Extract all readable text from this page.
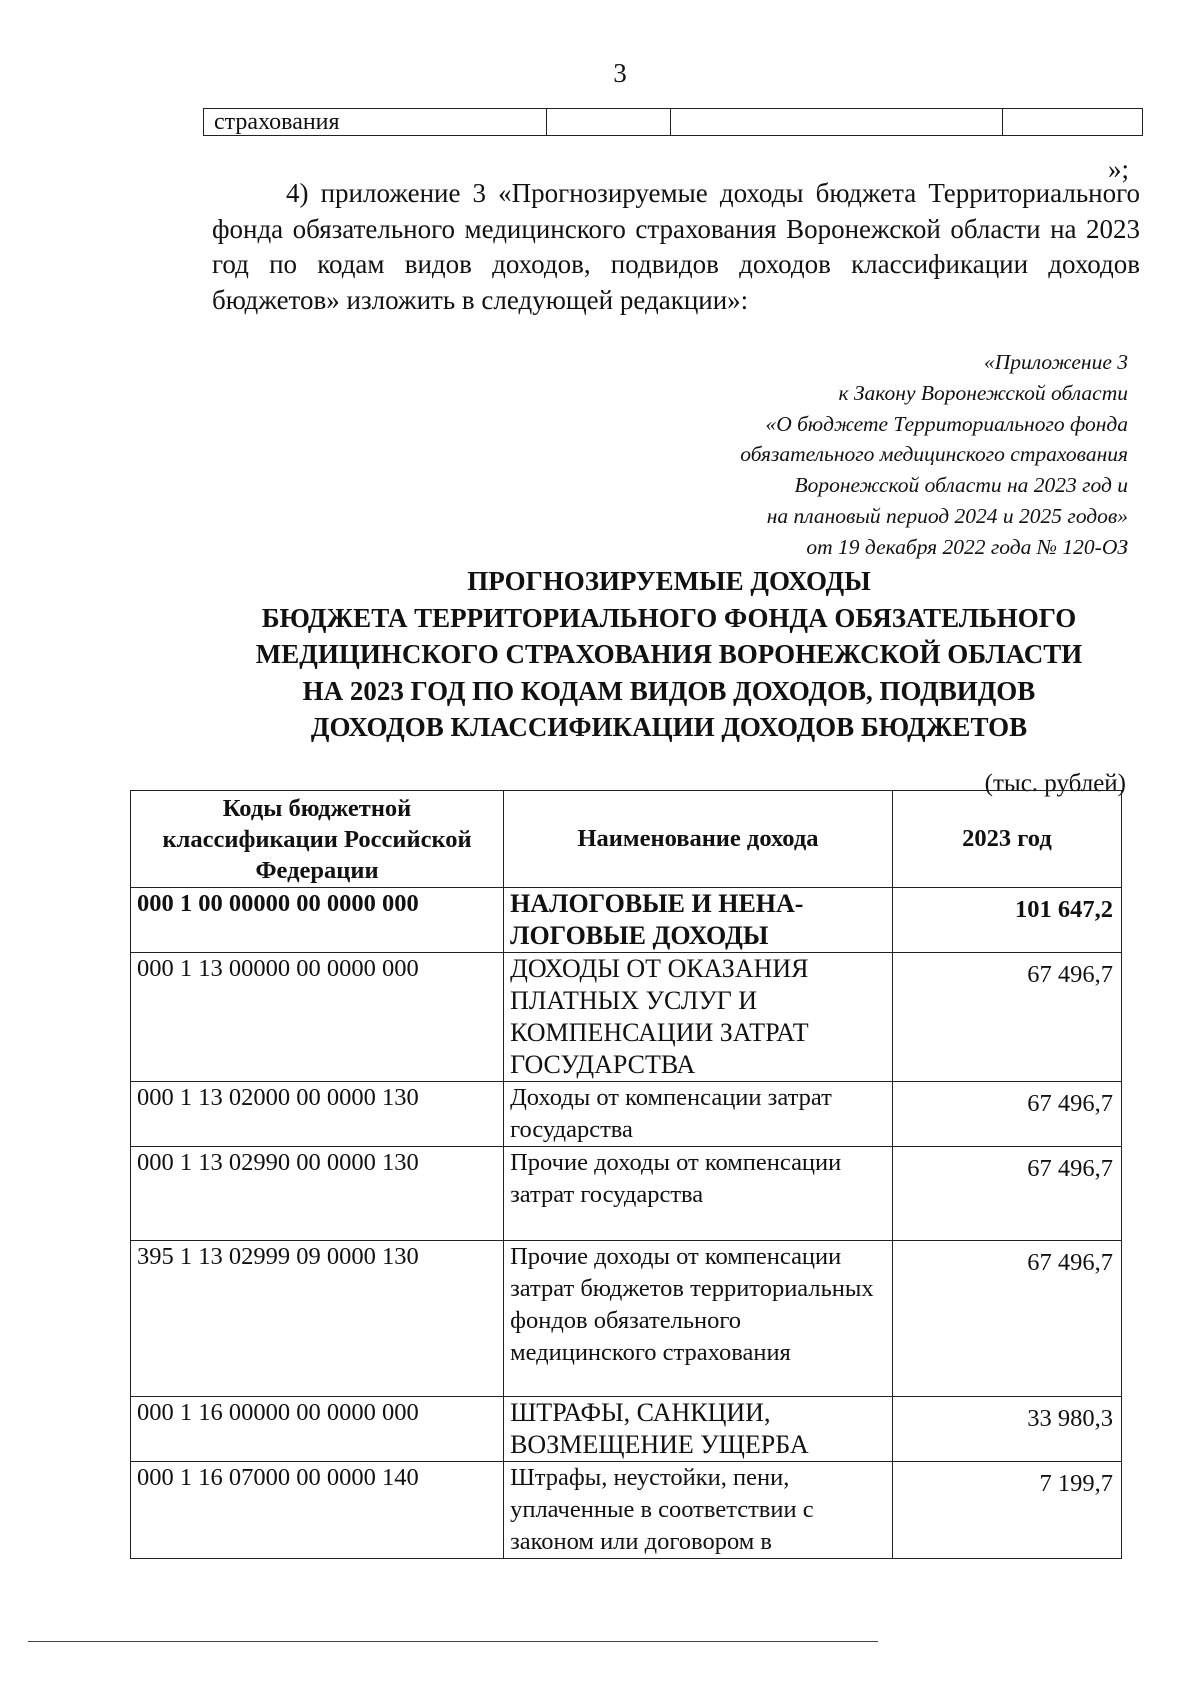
3
страхования			
»;
4) приложение 3 «Прогнозируемые доходы бюджета Территориального фонда обязательного медицинского страхования Воронежской области на 2023 год по кодам видов доходов, подвидов доходов классификации доходов бюджетов» изложить в следующей редакции»:
«Приложение 3
к Закону Воронежской области
«О бюджете Территориального фонда
обязательного медицинского страхования
Воронежской области на 2023 год и
на плановый период 2024 и 2025 годов»
от 19 декабря 2022 года № 120-ОЗ
ПРОГНОЗИРУЕМЫЕ ДОХОДЫ
БЮДЖЕТА ТЕРРИТОРИАЛЬНОГО ФОНДА ОБЯЗАТЕЛЬНОГО
МЕДИЦИНСКОГО СТРАХОВАНИЯ ВОРОНЕЖСКОЙ ОБЛАСТИ
НА 2023 ГОД ПО КОДАМ ВИДОВ ДОХОДОВ, ПОДВИДОВ
ДОХОДОВ КЛАССИФИКАЦИИ ДОХОДОВ БЮДЖЕТОВ
(тыс. рублей)
Коды бюджетной классификации Российской Федерации	Наименование дохода	2023 год
000 1 00 00000 00 0000 000	НАЛОГОВЫЕ И НЕНА-ЛОГОВЫЕ ДОХОДЫ	101 647,2
000 1 13 00000 00 0000 000	ДОХОДЫ ОТ ОКАЗАНИЯ ПЛАТНЫХ УСЛУГ И КОМПЕНСАЦИИ ЗАТРАТ ГОСУДАРСТВА	67 496,7
000 1 13 02000 00 0000 130	Доходы от компенсации затрат государства	67 496,7
000 1 13 02990 00 0000 130	Прочие доходы от компенсации затрат государства	67 496,7
395 1 13 02999 09 0000 130	Прочие доходы от компенсации затрат бюджетов территориальных фондов обязательного медицинского страхования	67 496,7
000 1 16 00000 00 0000 000	ШТРАФЫ, САНКЦИИ, ВОЗМЕЩЕНИЕ УЩЕРБА	33 980,3
000 1 16 07000 00 0000 140	Штрафы, неустойки, пени, уплаченные в соответствии с законом или договором в	7 199,7
